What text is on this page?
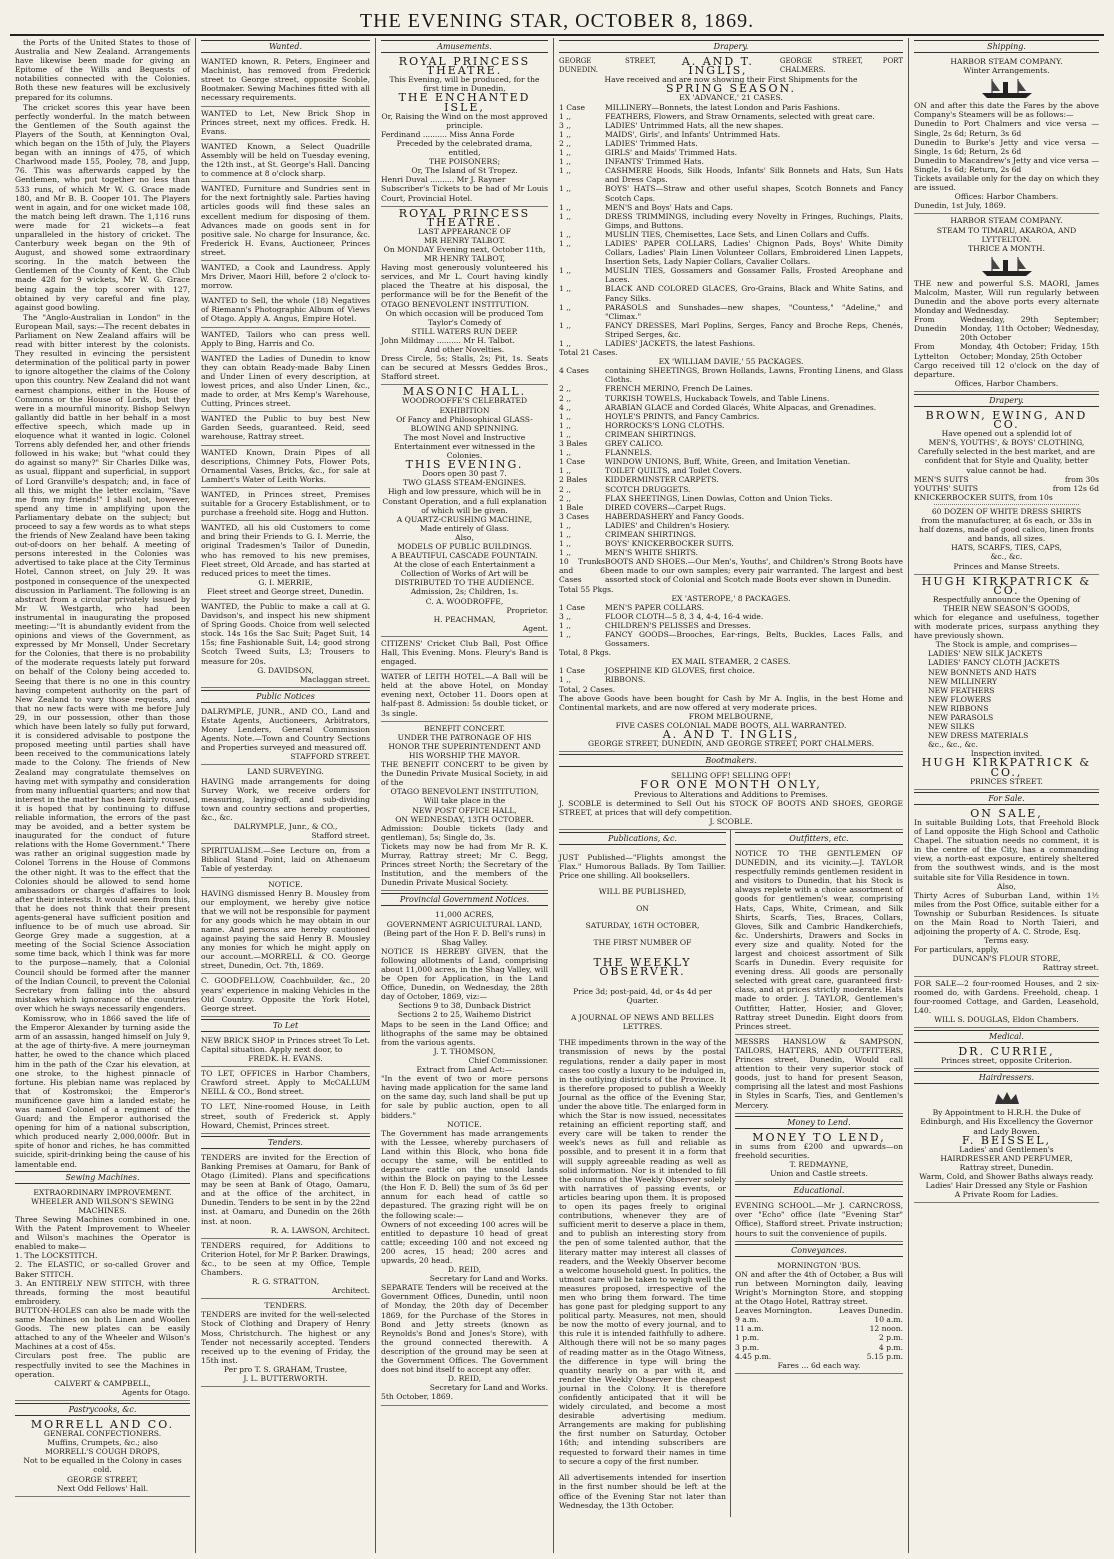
THE EVENING STAR, OCTOBER 8, 1869.

the Ports of the United States to those of Australia and New Zealand. Arrangements have likewise been made for giving an Epitome of the Wills and Bequests of notabilities connected with the Colonies. Both these new features will be exclusively prepared for its columns.

The cricket scores this year have been perfectly wonderful. In the match between the Gentlemen of the South against the Players of the South, at Kennington Oval, which began on the 15th of July, the Players began with an innings of 475, of which Charlwood made 155, Pooley, 78, and Jupp, 76. This was afterwards capped by the Gentlemen, who put together no less than 533 runs, of which Mr W. G. Grace made 180, and Mr B. B. Cooper 101. The Players went in again, and for one wicket made 108, the match being left drawn. The 1,116 runs were made for 21 wickets—a feat unparalleled in the history of cricket. The Canterbury week began on the 9th of August, and showed some extraordinary scoring. In the match between the Gentlemen of the County of Kent, the Club made 428 for 9 wickets, Mr W. G. Grace being again the top scorer with 127, obtained by very careful and fine play, against good bowling.

The "Anglo-Australian in London" in the European Mail, says:—The recent debates in Parliament on New Zealand affairs will be read with bitter interest by the colonists. They resulted in evincing the persistent determination of the political party in power to ignore altogether the claims of the Colony upon this country. New Zealand did not want earnest champions, either in the House of Commons or the House of Lords, but they were in a mournful minority. Bishop Selwyn gallantly did battle in her behalf in a most effective speech, which made up in eloquence what it wanted in logic. Colonel Torrens ably defended her, and other friends followed in his wake; but "what could they do against so many?" Sir Charles Dilke was, as usual, flippant and superficial, in support of Lord Granville's despatch; and, in face of all this, we might the letter exclaim, "Save me from my friends!" I shall not, however, spend any time in amplifying upon the Parliamentary debate on the subject; but proceed to say a few words as to what steps the friends of New Zealand have been taking out-of-doors on her behalf. A meeting of persons interested in the Colonies was advertised to take place at the City Terminus Hotel, Cannon street, on July 29. It was postponed in consequence of the unexpected discussion in Parliament. The following is an abstract from a circular privately issued by Mr W. Westgarth, who had been instrumental in inaugurating the proposed meeting:—"It is abundantly evident from the opinions and views of the Government, as expressed by Mr Monsell, Under Secretary for the Colonies, that there is no probability of the moderate requests lately put forward on behalf of the Colony being acceded to. Seeing that there is no one in this country having competent authority on the part of New Zealand to vary those requests, and that no new facts were with me before July 29, in our possession, other than those which have been lately so fully put forward, it is considered advisable to postpone the proposed meeting until parties shall have been received to the communications lately made to the Colony. The friends of New Zealand may congratulate themselves on having met with sympathy and consideration from many influential quarters; and now that interest in the matter has been fairly roused, it is hoped that by continuing to diffuse reliable information, the errors of the past may be avoided, and a better system be inaugurated for the conduct of future relations with the Home Government." There was rather an original suggestion made by Colonel Torrens in the House of Commons the other night. It was to the effect that the Colonies should be allowed to send home ambassadors or chargés d'affaires to look after their interests. It would seem from this, that he does not think that their present agents-general have sufficient position and influence to be of much use abroad. Sir George Grey made a suggestion, at a meeting of the Social Science Association some time back, which I think was far more to the purpose—namely, that a Colonial Council should be formed after the manner of the Indian Council, to prevent the Colonial Secretary from falling into the absurd mistakes which ignorance of the countries over which he sways necessarily engenders.

Komissrow, who in 1866 saved the life of the Emperor Alexander by turning aside the arm of an assassin, hanged himself on July 9, at the age of thirty-five. A mere journeyman hatter, he owed to the chance which placed him in the path of the Czar his elevation, at one stroke, to the highest pinnacle of fortune. His plebian name was replaced by that of Kostromskoi; the Emperor's munificence gave him a landed estate; he was named Colonel of a regiment of the Guard; and the Emperor authorised the opening for him of a national subscription, which produced nearly 2,000,000fr. But in spite of honor and riches, he has committed suicide, spirit-drinking being the cause of his lamentable end.

Sewing Machines.

EXTRAORDINARY IMPROVEMENT.

WHEELER AND WILSON'S SEWING MACHINES.

Three Sewing Machines combined in one. With the Patent Improvement to Wheeler and Wilson's machines the Operator is enabled to make—

1. The LOCKSTITCH.

2. The ELASTIC, or so-called Grover and Baker STITCH.

3. An ENTIRELY NEW STITCH, with three threads, forming the most beautiful embroidery.

BUTTON-HOLES can also be made with the same Machines on both Linen and Woollen Goods. The new plates can be easily attached to any of the Wheeler and Wilson's Machines at a cost of 45s.

Circulars post free. The public are respectfully invited to see the Machines in operation.

CALVERT & CAMPBELL,

Agents for Otago.

Pastrycooks, &c.

MORRELL AND CO.

GENERAL CONFECTIONERS.

Muffins, Crumpets, &c.; also

MORRELL'S COUGH DROPS,

Not to be equalled in the Colony in cases cold.

GEORGE STREET,

Next Odd Fellows' Hall.

Wanted.

WANTED known, R. Peters, Engineer and Machinist, has removed from Frederick street to George street, opposite Scoble, Bootmaker. Sewing Machines fitted with all necessary requirements.

WANTED to Let, New Brick Shop in Princes street, next my offices. Fredk. H. Evans.

WANTED Known, a Select Quadrille Assembly will be held on Tuesday evening, the 12th inst., at St. George's Hall. Dancing to commence at 8 o'clock sharp.

WANTED, Furniture and Sundries sent in for the next fortnightly sale. Parties having articles goods will find these sales an excellent medium for disposing of them. Advances made on goods sent in for positive sale. No charge for Insurance, &c. Frederick H. Evans, Auctioneer, Princes street.

WANTED, a Cook and Laundress. Apply Mrs Driver, Maori Hill, before 2 o'clock to-morrow.

WANTED to Sell, the whole (18) Negatives of Riemann's Photographic Album of Views of Otago. Apply A. Angus, Empire Hotel.

WANTED, Tailors who can press well. Apply to Bing, Harris and Co.

WANTED the Ladies of Dunedin to know they can obtain Ready-made Baby Linen and Under Linen of every description, at lowest prices, and also Under Linen, &c., made to order, at Mrs Kemp's Warehouse, Cutting, Princes street.

WANTED the Public to buy best New Garden Seeds, guaranteed. Reid, seed warehouse, Rattray street.

WANTED Known, Drain Pipes of all descriptions, Chimney Pots, Flower Pots, Ornamental Vases, Bricks, &c., for sale at Lambert's Water of Leith Works.

WANTED, in Princes street, Premises suitable for a Grocery Establishment, or to purchase a freehold site. Hogg and Hutton.

WANTED, all his old Customers to come and bring their Friends to G. I. Merrie, the original Tradesmen's Tailor of Dunedin, who has removed to his new premises, Fleet street, Old Arcade, and has started at reduced prices to meet the times.

G. I. MERRIE,

Fleet street and George street, Dunedin.

WANTED, the Public to make a call at G. Davidson's, and inspect his new shipment of Spring Goods. Choice from well selected stock. 14s 16s the Sac Suit; Paget Suit, 14 15s; fine Fashionable Suit, L4; good strong Scotch Tweed Suits, L3; Trousers to measure for 20s.

G. DAVIDSON,

Maclaggan street.

Public Notices

DALRYMPLE, JUNR., AND CO., Land and Estate Agents, Auctioneers, Arbitrators, Money Lenders, General Commission Agents. Note.—Town and Country Sections and Properties surveyed and measured off.

STAFFORD STREET.

LAND SURVEYING.

HAVING made arrangements for doing Survey Work, we receive orders for measuring, laying-off, and sub-dividing town and country sections and properties, &c., &c.

DALRYMPLE, Junr., & CO.,

Stafford street.

SPIRITUALISM.—See Lecture on, from a Biblical Stand Point, laid on Athenaeum Table of yesterday.

NOTICE.

HAVING dismissed Henry B. Mousley from our employment, we hereby give notice that we will not be responsible for payment for any goods which he may obtain in our name. And persons are hereby cautioned against paying the said Henry B. Mousley any monies for which he might apply on our account.—MORRELL & CO. George street, Dunedin, Oct. 7th, 1869.

C. GOODFELLOW, Coachbuilder, &c., 20 years' experience in making Vehicles in the Old Country. Opposite the York Hotel, George street.

To Let

NEW BRICK SHOP in Princes street To Let. Capital situation. Apply next door, to

FREDK. H. EVANS.

TO LET, OFFICES in Harbor Chambers, Crawford street. Apply to McCALLUM NEILL & CO., Bond street.

TO LET, Nine-roomed House, in Leith street, south of Frederick st. Apply Howard, Chemist, Princes street.

Tenders.

TENDERS are invited for the Erection of Banking Premises at Oamaru, for Bank of Otago (Limited). Plans and specifications may be seen at Bank of Otago, Oamaru, and at the office of the architect, in Dunedin. Tenders to be sent in by the 22nd inst. at Oamaru, and Dunedin on the 26th inst. at noon.

R. A. LAWSON, Architect.

TENDERS required, for Additions to Criterion Hotel, for Mr P. Barker. Drawings, &c., to be seen at my Office, Temple Chambers.

R. G. STRATTON,

Architect.

TENDERS.

TENDERS are invited for the well-selected Stock of Clothing and Drapery of Henry Moss, Christchurch. The highest or any Tender not necessarily accepted. Tenders received up to the evening of Friday, the 15th inst.

Per pro T. S. GRAHAM, Trustee,

J. L. BUTTERWORTH.

Amusements.

ROYAL PRINCESS THEATRE.

This Evening, will be produced, for the first time in Dunedin,

THE ENCHANTED ISLE,

Or, Raising the Wind on the most approved principle.

Ferdinand .......... Miss Anna Forde

Preceded by the celebrated drama, entitled,

THE POISONERS;

Or, The Island of St Tropez.

Henri Duval .......... Mr J. Rayner

Subscriber's Tickets to be had of Mr Louis Court, Provincial Hotel.

ROYAL PRINCESS THEATRE.

LAST APPEARANCE OF

MR HENRY TALBOT.

On MONDAY Evening next, October 11th,

MR HENRY TALBOT,

Having most generously volunteered his services, and Mr L. Court having kindly placed the Theatre at his disposal, the performance will be for the Benefit of the OTAGO BENEVOLENT INSTITUTION.

On which occasion will be produced Tom Taylor's Comedy of

STILL WATERS RUN DEEP.

John Mildmay .......... Mr H. Talbot.

And other Novelties.

Dress Circle, 5s; Stalls, 2s; Pit, 1s. Seats can be secured at Messrs Geddes Bros., Stafford street.

MASONIC HALL.

WOODROOFFE'S CELEBRATED EXHIBITION

Of Fancy and Philosophical GLASS-BLOWING AND SPINNING.

The most Novel and Instructive Entertainment ever witnessed in the Colonies.

THIS EVENING.

Doors open 30 past 7.

TWO GLASS STEAM-ENGINES.

High and low pressure, which will be in Constant Operation, and a full explanation of which will be given.

A QUARTZ-CRUSHING MACHINE,

Made entirely of Glass.

Also,

MODELS OF PUBLIC BUILDINGS.

A BEAUTIFUL CASCADE FOUNTAIN.

At the close of each Entertainment a Collection of Works of Art will be

DISTRIBUTED TO THE AUDIENCE.

Admission, 2s; Children, 1s.

C. A. WOODROFFE,

Proprietor.

H. PEACHMAN,

Agent.

CITIZENS' Cricket Club Ball, Post Office Hall, This Evening. Mons. Fleury's Band is engaged.

WATER of LEITH HOTEL.—A Ball will be held at the above Hotel, on Monday evening next, October 11. Doors open at half-past 8. Admission: 5s double ticket, or 3s single.

BENEFIT CONCERT.

UNDER THE PATRONAGE OF HIS HONOR THE SUPERINTENDENT AND HIS WORSHIP THE MAYOR.

THE BENEFIT CONCERT to be given by the Dunedin Private Musical Society, in aid of the

OTAGO BENEVOLENT INSTITUTION,

Will take place in the

NEW POST OFFICE HALL,

ON WEDNESDAY, 13TH OCTOBER.

Admission: Double tickets (lady and gentleman), 5s; Single do, 3s.

Tickets may now be had from Mr R. K. Murray, Rattray street; Mr C. Begg, Princes street North; the Secretary of the Institution, and the members of the Dunedin Private Musical Society.

Provincial Government Notices.

11,000 ACRES,

GOVERNMENT AGRICULTURAL LAND,

(Being part of the Hon F. D. Bell's runs) in Shag Valley.

NOTICE IS HEREBY GIVEN, that the following allotments of Land, comprising about 11,000 acres, in the Shag Valley, will be Open for Application, in the Land Office, Dunedin, on Wednesday, the 28th day of October, 1869, viz:—

Sections 9 to 38, Dunback District

Sections 2 to 25, Waihemo District

Maps to be seen in the Land Office; and lithographs of the same may be obtained from the various agents.

J. T. THOMSON,

Chief Commissioner.

Extract from Land Act:—

"In the event of two or more persons having made application for the same land on the same day, such land shall be put up for sale by public auction, open to all bidders."

NOTICE.

The Government has made arrangements with the Lessee, whereby purchasers of Land within this Block, who bona fide occupy the same, will be entitled to depasture cattle on the unsold lands within the Block on paying to the Lessee (the Hon F. D. Bell) the sum of 3s 6d per annum for each head of cattle so depastured. The grazing right will be on the following scale:—

Owners of not exceeding 100 acres will be entitled to depasture 10 head of great cattle; exceeding 100 and not exceed ng 200 acres, 15 head; 200 acres and upwards, 20 head.

D. REID,

Secretary for Land and Works.

SEPARATE Tenders will be received at the Government Offices, Dunedin, until noon of Monday, the 20th day of December 1869, for the Purchase of the Stores in Bond and Jetty streets (known as Reynolds's Bond and Jones's Store), with the ground connected therewith. A description of the ground may be seen at the Government Offices. The Government does not bind itself to accept any offer.

D. REID,

Secretary for Land and Works.

5th October, 1869.

Drapery.
GEORGE STREET, DUNEDIN.
A. AND T. INGLIS,
GEORGE STREET, PORT CHALMERS.

Have received and are now showing their First Shipments for the

SPRING SEASON.

EX 'ADVANCE,' 21 CASES.

1 Case	MILLINERY—Bonnets, the latest London and Paris Fashions.
1 ,,	FEATHERS, Flowers, and Straw Ornaments, selected with great care.
3 ,,	LADIES' Untrimmed Hats, all the new shapes.
1 ,,	MAIDS', Girls', and Infants' Untrimmed Hats.
2 ,,	LADIES' Trimmed Hats.
1 ,,	GIRLS' and Maids' Trimmed Hats.
1 ,,	INFANTS' Trimmed Hats.
1 ,,	CASHMERE Hoods, Silk Hoods, Infants' Silk Bonnets and Hats, Sun Hats and Dress Caps.
1 ,,	BOYS' HATS—Straw and other useful shapes, Scotch Bonnets and Fancy Scotch Caps.
1 ,,	MEN'S and Boys' Hats and Caps.
1 ,,	DRESS TRIMMINGS, including every Novelty in Fringes, Ruchings, Plaits, Gimps, and Buttons.
1 ,,	MUSLIN TIES, Chemisettes, Lace Sets, and Linen Collars and Cuffs.
1 ,,	LADIES' PAPER COLLARS, Ladies' Chignon Pads, Boys' White Dimity Collars, Ladies' Plain Linen Volunteer Collars, Embroidered Linen Lappets, Insertion Sets, Lady Napier Collars, Cavalier Collars.
1 ,,	MUSLIN TIES, Gossamers and Gossamer Falls, Frosted Areophane and Laces.
1 ,,	BLACK AND COLORED GLACES, Gro-Grains, Black and White Satins, and Fancy Silks.
1 ,,	PARASOLS and Sunshades—new shapes, "Countess," "Adeline," and "Climax."
1 ,,	FANCY DRESSES, Marl Poplins, Serges, Fancy and Broche Reps, Chenés, Striped Serges, &c.
1 ,,	LADIES' JACKETS, the latest Fashions.

Total 21 Cases.

EX 'WILLIAM DAVIE,' 55 PACKAGES.

4 Cases	containing SHEETINGS, Brown Hollands, Lawns, Fronting Linens, and Glass Cloths.
2 ,,	FRENCH MERINO, French De Laines.
2 ,,	TURKISH TOWELS, Huckaback Towels, and Table Linens.
4 ,,	ARABIAN GLACE and Corded Glacés, White Alpacas, and Grenadines.
1 ,,	HOYLE'S PRINTS, and Fancy Cambrics.
1 ,,	HORROCKS'S LONG CLOTHS.
1 ,,	CRIMEAN SHIRTINGS.
3 Bales	GREY CALICO.
1 ,,	FLANNELS.
1 Case	WINDOW UNIONS, Buff, White, Green, and Imitation Venetian.
1 ,,	TOILET QUILTS, and Toilet Covers.
2 Bales	KIDDERMINSTER CARPETS.
2 ,,	SCOTCH DRUGGETS.
2 ,,	FLAX SHEETINGS, Linen Dowlas, Cotton and Union Ticks.
1 Bale	DIRED COVERS—Carpet Rugs.
3 Cases	HABERDASHERY and Fancy Goods.
1 ,,	LADIES' and Children's Hosiery.
1 ,,	CRIMEAN SHIRTINGS.
1 ,,	BOYS' KNICKERBOCKER SUITS.
1 ,,	MEN'S WHITE SHIRTS.
10 Trunks and 6 Cases
BOOTS AND SHOES.—Our Men's, Youths', and Children's Strong Boots have been made to our own samples; every pair warranted. The largest and best assorted stock of Colonial and Scotch made Boots ever shown in Dunedin.

Total 55 Pkgs.

EX 'ASTEROPE,' 8 PACKAGES.

1 Case	MEN'S PAPER COLLARS.
3 ,,	FLOOR CLOTH—5 8, 3 4, 4-4, 16-4 wide.
1 ,,	CHILDREN'S PELISSES and Dresses.
1 ,,	FANCY GOODS—Brooches, Ear-rings, Belts, Buckles, Laces Falls, and Gossamers.

Total, 8 Pkgs.

EX MAIL STEAMER, 2 CASES.

1 Case	JOSEPHINE KID GLOVES, first choice.
1 ,,	RIBBONS.

Total, 2 Cases.

The above Goods have been bought for Cash by Mr A. Inglis, in the best Home and Continental markets, and are now offered at very moderate prices.

FROM MELBOURNE,

FIVE CASES COLONIAL MADE BOOTS, ALL WARRANTED.

A. AND T. INGLIS,

GEORGE STREET, DUNEDIN, AND GEORGE STREET, PORT CHALMERS.

Bootmakers.

SELLING OFF! SELLING OFF!

FOR ONE MONTH ONLY,

Previous to Alterations and Additions to Premises.

J. SCOBLE is determined to Sell Out his STOCK OF BOOTS AND SHOES, GEORGE STREET, at prices that will defy competition.

J. SCOBLE.

Publications, &c.

JUST Published—"Flights amongst the Flax." Humorous Ballads. By Tom Taillier. Price one shilling. All booksellers.

WILL BE PUBLISHED,

ON

SATURDAY, 16TH OCTOBER,

THE FIRST NUMBER OF

THE WEEKLY OBSERVER.

Price 3d; post-paid, 4d, or 4s 4d per Quarter.

A JOURNAL OF NEWS AND BELLES LETTRES.

THE impediments thrown in the way of the transmission of news by the postal regulations, render a daily paper in most cases too costly a luxury to be indulged in, in the outlying districts of the Province. It is therefore proposed to publish a Weekly Journal as the office of the Evening Star, under the above title. The enlarged form in which the Star is now issued, necessitates retaining an efficient reporting staff, and every care will be taken to render the week's news as full and reliable as possible, and to present it in a form that will supply agreeable reading as well as solid information. Nor is it intended to fill the columns of the Weekly Observer solely with narratives of passing events, or articles bearing upon them. It is proposed to open its pages freely to original contributions, whenever they are of sufficient merit to deserve a place in them, and to publish an interesting story from the pen of some talented author, that the literary matter may interest all classes of readers, and the Weekly Observer become a welcome household guest. In politics, the utmost care will be taken to weigh well the measures proposed, irrespective of the men who bring them forward. The time has gone past for pledging support to any political party. Measures, not men, should be now the motto of every journal, and to this rule it is intended faithfully to adhere. Although there will not be so many pages of reading matter as in the Otago Witness, the difference in type will bring the quantity nearly on a par with it, and render the Weekly Observer the cheapest journal in the Colony. It is therefore confidently anticipated that it will be widely circulated, and become a most desirable advertising medium. Arrangements are making for publishing the first number on Saturday, October 16th; and intending subscribers are requested to forward their names in time to secure a copy of the first number.

All advertisements intended for insertion in the first number should be left at the office of the Evening Star not later than Wednesday, the 13th October.

Outfitters, etc.

NOTICE TO THE GENTLEMEN OF DUNEDIN, and its vicinity.—J. TAYLOR respectfully reminds gentlemen resident in and visitors to Dunedin, that his Stock is always replete with a choice assortment of goods for gentlemen's wear, comprising Hats, Caps, White, Crimean, and Silk Shirts, Scarfs, Ties, Braces, Collars, Gloves, Silk and Cambric Handkerchiefs, &c. Undershirts, Drawers and Socks in every size and quality. Noted for the largest and choicest assortment of Silk Scarfs in Dunedin. Every requisite for evening dress. All goods are personally selected with great care, guaranteed first-class, and at prices strictly moderate. Hats made to order. J. TAYLOR, Gentlemen's Outfitter, Hatter, Hosier, and Glover, Rattray street Dunedin. Eight doors from Princes street.

MESSRS HANSLOW & SAMPSON, TAILORS, HATTERS, AND OUTFITTERS, Princes street, Dunedin, Would call attention to their very superior stock of goods, just to hand for present Season, comprising all the latest and most Fashions in Styles in Scarfs, Ties, and Gentlemen's Mercery.

Money to Lend.

MONEY TO LEND,

in sums from £200 and upwards—on freehold securities.

T. REDMAYNE,

Union and Castle streets.

Educational.

EVENING SCHOOL.—Mr J. CARNCROSS, over "Echo" office (late "Evening Star" Office), Stafford street. Private instruction; hours to suit the convenience of pupils.

Conveyances.

MORNINGTON 'BUS.

ON and after the 4th of October, a Bus will run between Mornington daily, leaving Wright's Mornington Store, and stopping at the Otago Hotel, Rattray street.

Leaves Mornington.	Leaves Dunedin.
9 a.m.	10 a.m.
11 a.m.	12 noon.
1 p.m.	2 p.m.
3 p.m.	4 p.m.
4.45 p.m.	5.15 p.m.

Fares ... 6d each way.

Shipping.

HARBOR STEAM COMPANY.

Winter Arrangements.

ON and after this date the Fares by the above Company's Steamers will be as follows:—

Dunedin to Port Chalmers and vice versa — Single, 2s 6d; Return, 3s 6d

Dunedin to Burke's Jetty and vice versa — Single, 1s 6d; Return, 2s 6d

Dunedin to Macandrew's Jetty and vice versa — Single, 1s 6d; Return, 2s 6d

Tickets available only for the day on which they are issued.

Offices: Harbor Chambers.

Dunedin, 1st July, 1869.

HARBOR STEAM COMPANY.

STEAM TO TIMARU, AKAROA, AND LYTTELTON.

THRICE A MONTH.

THE new and powerful S.S. MAORI, James Malcolm, Master, Will run regularly between Dunedin and the above ports every alternate Monday and Wednesday.

From Dunedin
Wednesday, 29th September; Monday, 11th October; Wednesday, 20th October
From Lyttelton
Monday, 4th October; Friday, 15th October; Monday, 25th October

Cargo received till 12 o'clock on the day of departure.

Offices, Harbor Chambers.

Drapery.

BROWN, EWING, AND CO.

Have opened out a splendid lot of

MEN'S, YOUTHS', & BOYS' CLOTHING,

Carefully selected in the best market, and are confident that for Style and Quality, better value cannot be had.

MEN'S SUITS	from 30s
YOUTHS' SUITS	from 12s 6d
KNICKERBOCKER SUITS, from 10s

60 DOZEN OF WHITE DRESS SHIRTS

from the manufacturer, at 6s each, or 33s in half dozens, made of good calico, linen fronts and bands, all sizes.

HATS, SCARFS, TIES, CAPS,

&c., &c.

Princes and Manse Streets.

HUGH KIRKPATRICK & CO.

Respectfully announce the Opening of

THEIR NEW SEASON'S GOODS,

which for elegance and usefulness, together with moderate prices, surpass anything they have previously shown.

The Stock is ample, and comprises—

LADIES' NEW SILK JACKETS

LADIES' FANCY CLOTH JACKETS

NEW BONNETS AND HATS

NEW MILLINERY

NEW FEATHERS

NEW FLOWERS

NEW RIBBONS

NEW PARASOLS

NEW SILKS

NEW DRESS MATERIALS

&c., &c., &c.

Inspection invited.

HUGH KIRKPATRICK & CO.,

PRINCES STREET.

For Sale.

ON SALE,

In suitable Building Lots, that Freehold Block of Land opposite the High School and Catholic Chapel. The situation needs no comment, it is in the centre of the City, has a commanding view, a north-east exposure, entirely sheltered from the southwest winds, and is the most suitable site for Villa Residence in town.

Also,

Thirty Acres of Suburban Land, within 1½ miles from the Post Office, suitable either for a Township or Suburban Residences. Is situate on the Main Road to North Taieri, and adjoining the property of A. C. Strode, Esq.

Terms easy.

For particulars, apply,

DUNCAN'S FLOUR STORE,

Rattray street.

FOR SALE—2 four-roomed Houses, and 2 six-roomed do, with Gardens. Freehold, cheap. 1 four-roomed Cottage, and Garden, Leasehold, L40.

WILL S. DOUGLAS, Eldon Chambers.

Medical.

DR. CURRIE,

Princes street, opposite Criterion.

Hairdressers.

By Appointment to H.R.H. the Duke of Edinburgh, and His Excellency the Governor and Lady Bowen.

F. BEISSEL,

Ladies' and Gentlemen's

HAIRDRESSER AND PERFUMER,

Rattray street, Dunedin.

Warm, Cold, and Shower Baths always ready.

Ladies' Hair Dressed any Style or Fashion

A Private Room for Ladies.
